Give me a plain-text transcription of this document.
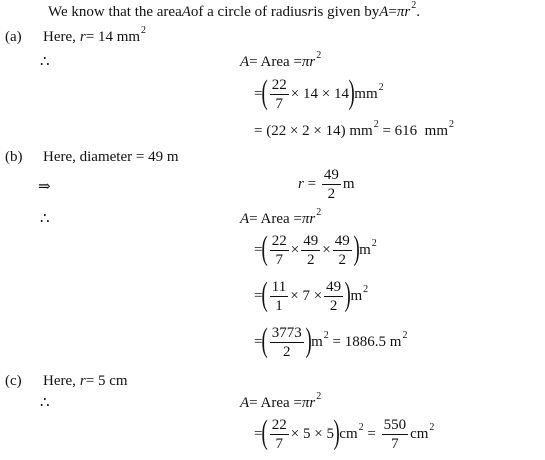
We know that the area A of a circle of radius r is given by A = π $r^2$ .
(a)	Here, r = 14 $mm^2$
∴	A = Area = π $r^2$
= ( $\frac{22}{7} \times 14 \times 14$ ) $mm^2$
= (22 × 2 × 14) $mm^2 = 616$  $mm^2$
(b)	Here, diameter = 49 m
⇒	$r = \frac{49}{2}$ m
∴	A = Area = π $r^2$
= ( $\frac{22}{7} \times \frac{49}{2} \times \frac{49}{2}$ ) $m^2$
= ( $\frac{11}{1} \times 7 \times \frac{49}{2}$ ) $m^2$
= ( $\frac{3773}{2}$ ) $m^2 = 1886.5$ $m^2$
(c)	Here, r = 5 cm
∴	A = Area = π $r^2$
= ( $\frac{22}{7} \times 5 \times 5$ ) $cm^2 = \frac{550}{7} cm^2$
